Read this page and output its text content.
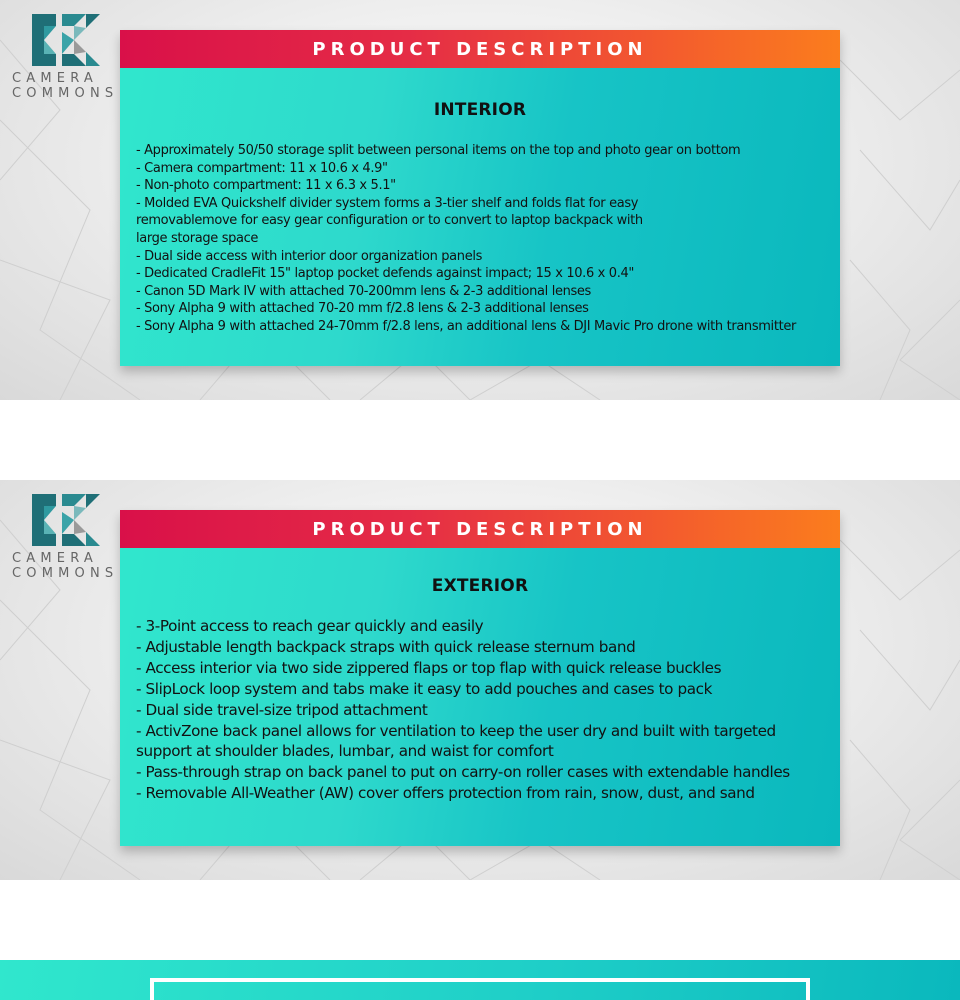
CAMERA
COMMONS
PRODUCT DESCRIPTION
INTERIOR
- Approximately 50/50 storage split between personal items on the top and photo gear on bottom
- Camera compartment: 11 x 10.6 x 4.9"
- Non-photo compartment: 11 x 6.3 x 5.1"
- Molded EVA Quickshelf divider system forms a 3-tier shelf and folds flat for easy
removablemove for easy gear configuration or to convert to laptop backpack with
large storage space
- Dual side access with interior door organization panels
- Dedicated CradleFit 15" laptop pocket defends against impact; 15 x 10.6 x 0.4"
- Canon 5D Mark IV with attached 70-200mm lens & 2-3 additional lenses
- Sony Alpha 9 with attached 70-20 mm f/2.8 lens & 2-3 additional lenses
- Sony Alpha 9 with attached 24-70mm f/2.8 lens, an additional lens & DJI Mavic Pro drone with transmitter
CAMERA
COMMONS
PRODUCT DESCRIPTION
EXTERIOR
- 3-Point access to reach gear quickly and easily
- Adjustable length backpack straps with quick release sternum band
- Access interior via two side zippered flaps or top flap with quick release buckles
- SlipLock loop system and tabs make it easy to add pouches and cases to pack
- Dual side travel-size tripod attachment
- ActivZone back panel allows for ventilation to keep the user dry and built with targeted
support at shoulder blades, lumbar, and waist for comfort
- Pass-through strap on back panel to put on carry-on roller cases with extendable handles
- Removable All-Weather (AW) cover offers protection from rain, snow, dust, and sand
